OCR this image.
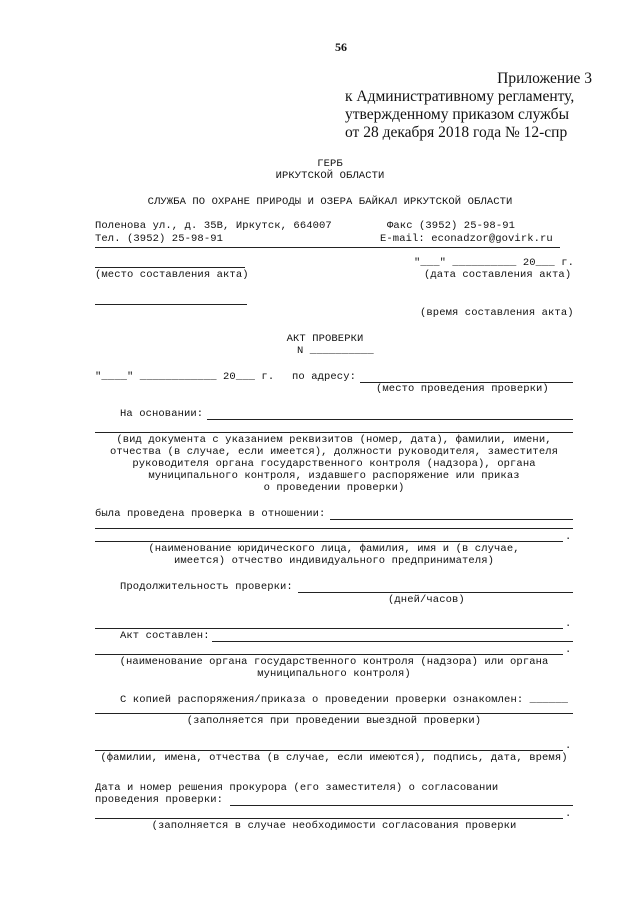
56
Приложение 3
к Административному регламенту,
утвержденному приказом службы
от 28 декабря 2018 года № 12-спр
ГЕРБ
ИРКУТСКОЙ ОБЛАСТИ
СЛУЖБА ПО ОХРАНЕ ПРИРОДЫ И ОЗЕРА БАЙКАЛ ИРКУТСКОЙ ОБЛАСТИ
Поленова ул., д. 35В, Иркутск, 664007	Факс (3952) 25-98-91
Тел. (3952) 25-98-91	E-mail: econadzor@govirk.ru
"___" __________ 20___ г.
(место составления акта)	(дата составления акта)
(время составления акта)
АКТ ПРОВЕРКИ
N __________
"____" ____________ 20___ г. по адресу:
(место проведения проверки)
На основании:
(вид документа с указанием реквизитов (номер, дата), фамилии, имени,
отчества (в случае, если имеется), должности руководителя, заместителя
руководителя органа государственного контроля (надзора), органа
муниципального контроля, издавшего распоряжение или приказ
о проведении проверки)
была проведена проверка в отношении:
.
(наименование юридического лица, фамилия, имя и (в случае,
имеется) отчество индивидуального предпринимателя)
Продолжительность проверки:
(дней/часов)
.
Акт составлен:
.
(наименование органа государственного контроля (надзора) или органа
муниципального контроля)
С копией распоряжения/приказа о проведении проверки ознакомлен: ______
(заполняется при проведении выездной проверки)
.
(фамилии, имена, отчества (в случае, если имеются), подпись, дата, время)
Дата и номер решения прокурора (его заместителя) о согласовании
проведения проверки:
.
(заполняется в случае необходимости согласования проверки
